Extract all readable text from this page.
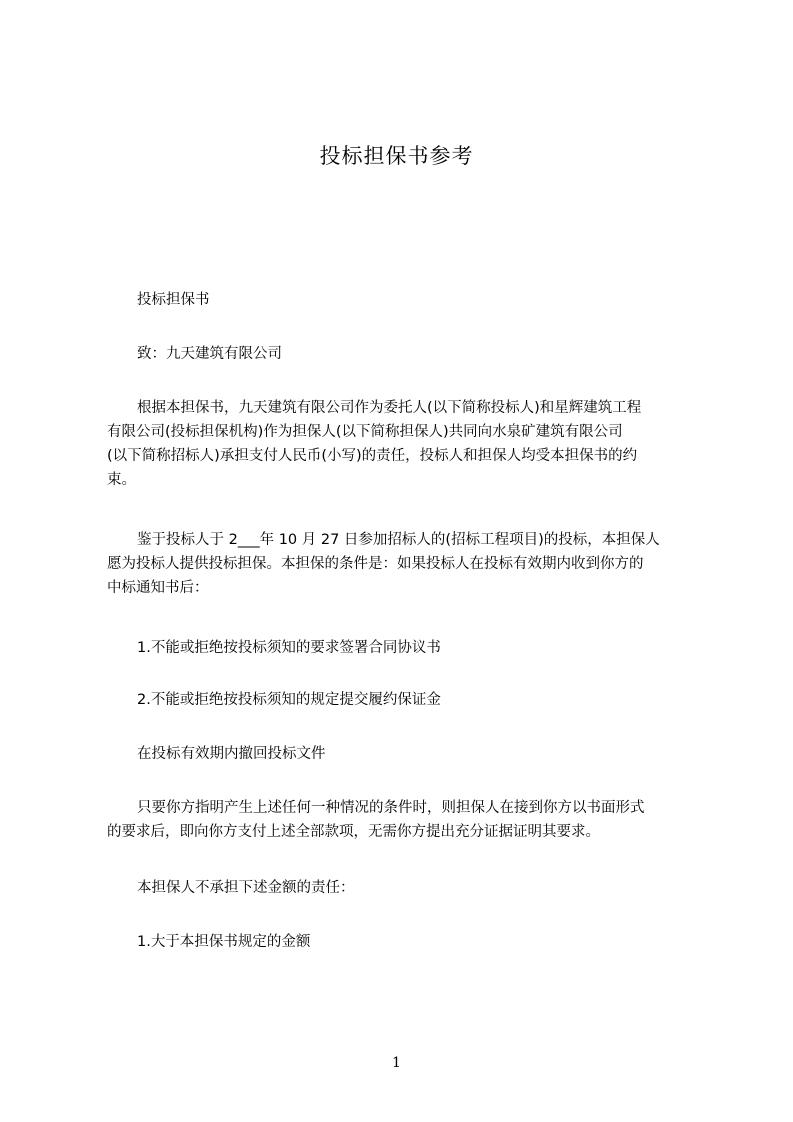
投标担保书参考
投标担保书
致：九天建筑有限公司
根据本担保书，九天建筑有限公司作为委托人(以下简称投标人)和星辉建筑工程
有限公司(投标担保机构)作为担保人(以下简称担保人)共同向水泉矿建筑有限公司
(以下简称招标人)承担支付人民币(小写)的责任，投标人和担保人均受本担保书的约
束。
鉴于投标人于 2___年 10 月 27 日参加招标人的(招标工程项目)的投标，本担保人
愿为投标人提供投标担保。本担保的条件是：如果投标人在投标有效期内收到你方的
中标通知书后：
1.不能或拒绝按投标须知的要求签署合同协议书
2.不能或拒绝按投标须知的规定提交履约保证金
在投标有效期内撤回投标文件
只要你方指明产生上述任何一种情况的条件时，则担保人在接到你方以书面形式
的要求后，即向你方支付上述全部款项，无需你方提出充分证据证明其要求。
本担保人不承担下述金额的责任：
1.大于本担保书规定的金额
1
